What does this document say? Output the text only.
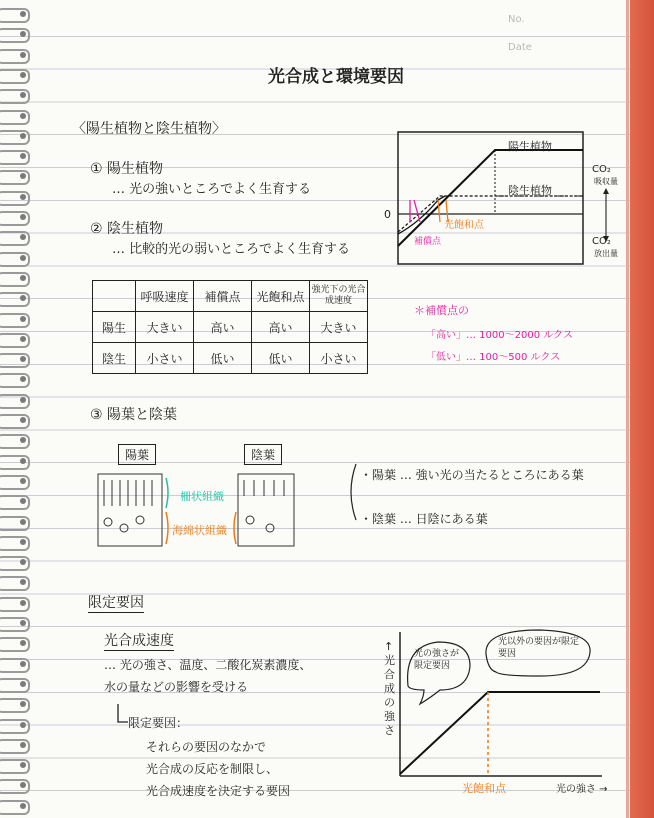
No.
Date
光合成と環境要因
〈陽生植物と陰生植物〉
① 陽生植物
… 光の強いところでよく生育する
② 陰生植物
… 比較的光の弱いところでよく生育する
陽生植物
陰生植物
0
光飽和点
補償点
CO₂
吸収量
CO₂
放出量
	呼吸速度	補償点	光飽和点	強光下の光合成速度
陽生	大きい	高い	高い	大きい
陰生	小さい	低い	低い	小さい
＊補償点の
「高い」… 1000〜2000 ルクス
「低い」… 100〜500 ルクス
③ 陽葉と陰葉
陽葉	陰葉
柵状組織
海綿状組織
・陽葉 … 強い光の当たるところにある葉
・陰葉 … 日陰にある葉
限定要因
光合成速度
… 光の強さ、温度、二酸化炭素濃度、
水の量などの影響を受ける
限定要因：
それらの要因のなかで
光合成の反応を制限し、
光合成速度を決定する要因
↑光合成の強さ
光の強さが限定要因
光以外の要因が限定要因
光飽和点	光の強さ →
